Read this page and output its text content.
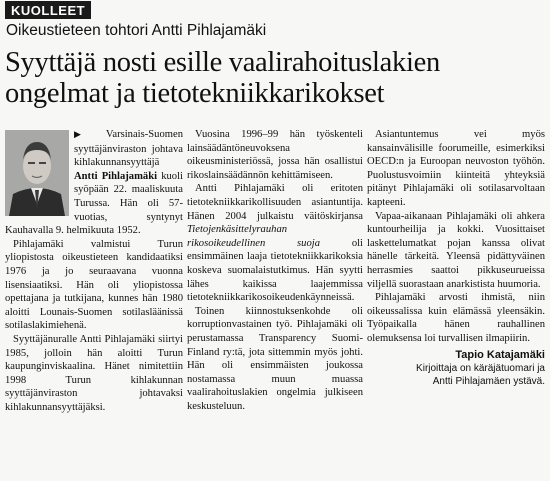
KUOLLEET
Oikeustieteen tohtori Antti Pihlajamäki
Syyttäjä nosti esille vaalirahoituslakien
ongelmat ja tietotekniikkarikokset

▶ Varsinais-Suomen syyttäjänviraston johtava kihlakunnansyyttäjä Antti Pihlajamäki kuoli syöpään 22. maaliskuuta Turussa. Hän oli 57-vuotias, syntynyt Kauhavalla 9. helmikuuta 1952.

Pihlajamäki valmistui Turun yliopistosta oikeustieteen kandidaatiksi 1976 ja jo seuraavana vuonna lisensiaatiksi. Hän oli yliopistossa opettajana ja tutkijana, kunnes hän 1980 aloitti Lounais-Suomen sotilasläänissä sotilaslakimiehenä.

Syyttäjänuralle Antti Pihlajamäki siirtyi 1985, jolloin hän aloitti Turun kaupunginviskaalina. Hänet nimitettiin 1998 Turun kihlakunnan syyttäjänviraston johtavaksi kihlakunnansyyttäjäksi.

Asiantuntemus vei myös kansainvälisille foorumeille, esimerkiksi OECD:n ja Euroopan neuvoston työhön. Puolustusvoimiin kiinteitä yhteyksiä pitänyt Pihlajamäki oli sotilasarvoltaan kapteeni.

Vapaa-aikanaan Pihlajamäki oli ahkera kuntourheilija ja kokki. Vuosittaiset laskettelumatkat pojan kanssa olivat hänelle tärkeitä. Yleensä pidättyväinen herrasmies saattoi pikkuseurueissa viljellä suorastaan anarkistista huumoria.

Pihlajamäki arvosti ihmistä, niin oikeussalissa kuin elämässä yleensäkin. Työpaikalla hänen rauhallinen olemuksensa loi turvallisen ilmapiirin.

Tapio Katajamäki
Kirjoittaja on käräjätuomari ja
Antti Pihlajamäen ystävä.

Vuosina 1996–99 hän työskenteli lainsäädäntöneuvoksena oikeusministeriössä, jossa hän osallistui rikoslainsäädännön kehittämiseen.

Antti Pihlajamäki oli eritoten tietotekniikkarikollisuuden asiantuntija. Hänen 2004 julkaistu väitöskirjansa Tietojenkäsittelyrauhan rikosoikeudellinen suoja oli ensimmäinen laaja tietotekniikkarikoksia koskeva suomalaistutkimus. Hän syytti lähes kaikissa laajemmissa tietotekniikkarikosoikeudenkäynneissä.

Toinen kiinnostuksenkohde oli korruptionvastainen työ. Pihlajamäki oli perustamassa Transparency Suomi-Finland ry:tä, jota sittemmin myös johti. Hän oli ensimmäisten joukossa nostamassa muun muassa vaalirahoituslakien ongelmia julkiseen keskusteluun.
